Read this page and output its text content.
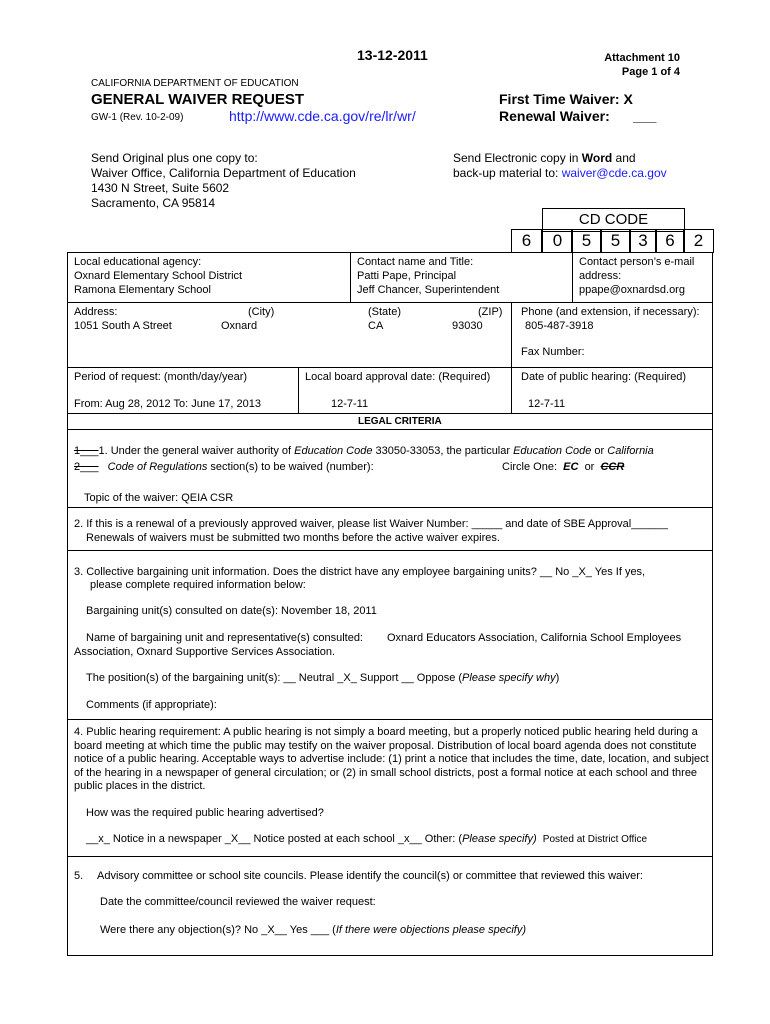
13-12-2011	Attachment 10
Page 1 of 4
CALIFORNIA DEPARTMENT OF EDUCATION
GENERAL WAIVER REQUEST
GW-1 (Rev. 10-2-09)	http://www.cde.ca.gov/re/lr/wr/
First Time Waiver: X
Renewal Waiver: ___
Send Original plus one copy to:
Waiver Office, California Department of Education
1430 N Street, Suite 5602
Sacramento, CA 95814
Send Electronic copy in Word and
back-up material to: waiver@cde.ca.gov
CD CODE
6	0	5	5	3	6	2
Local educational agency:
Oxnard Elementary School District
Ramona Elementary School
Contact name and Title:
Patti Pape, Principal
Jeff Chancer, Superintendent
Contact person’s e-mail
address:
ppape@oxnardsd.org
Address:
1051 South A Street
(City)
Oxnard
(State)
CA
(ZIP)
93030
Phone (and extension, if necessary):
805-487-3918
Fax Number:
Period of request: (month/day/year)
From: Aug 28, 2012 To: June 17, 2013
Local board approval date: (Required)
12-7-11
Date of public hearing: (Required)
12-7-11
LEGAL CRITERIA
1___1. Under the general waiver authority of Education Code 33050-33053, the particular Education Code or California
2___ Code of Regulations section(s) to be waived (number):	Circle One: EC or CCR
Topic of the waiver: QEIA CSR
2. If this is a renewal of a previously approved waiver, please list Waiver Number: _____ and date of SBE Approval______
Renewals of waivers must be submitted two months before the active waiver expires.
3. Collective bargaining unit information. Does the district have any employee bargaining units? __ No _X_ Yes If yes,
please complete required information below:
Bargaining unit(s) consulted on date(s): November 18, 2011
Name of bargaining unit and representative(s) consulted: Oxnard Educators Association, California School Employees
Association, Oxnard Supportive Services Association.
The position(s) of the bargaining unit(s): __ Neutral _X_ Support __ Oppose (Please specify why)
Comments (if appropriate):
4. Public hearing requirement: A public hearing is not simply a board meeting, but a properly noticed public hearing held during a board meeting at which time the public may testify on the waiver proposal. Distribution of local board agenda does not constitute notice of a public hearing. Acceptable ways to advertise include: (1) print a notice that includes the time, date, location, and subject of the hearing in a newspaper of general circulation; or (2) in small school districts, post a formal notice at each school and three public places in the district.
How was the required public hearing advertised?
__x_ Notice in a newspaper _X__ Notice posted at each school _x__ Other: (Please specify) Posted at District Office
5. Advisory committee or school site councils. Please identify the council(s) or committee that reviewed this waiver:
Date the committee/council reviewed the waiver request:
Were there any objection(s)? No _X__ Yes ___ (If there were objections please specify)
